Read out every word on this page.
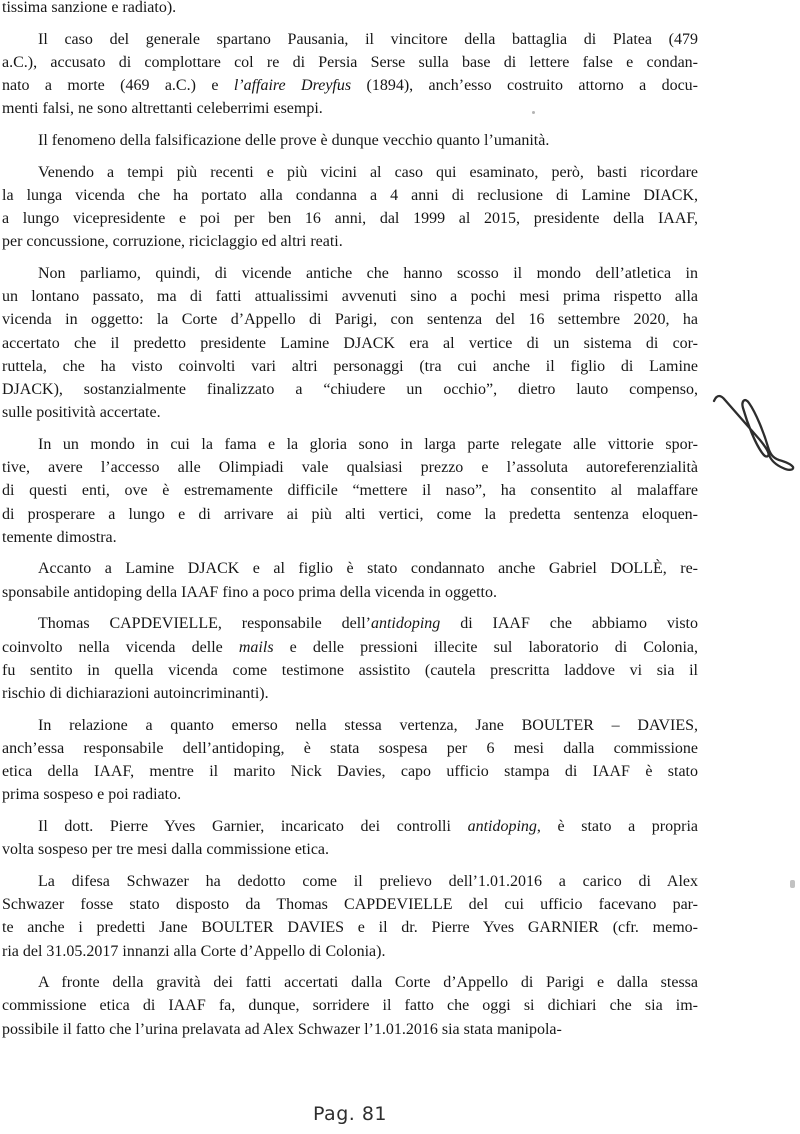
tissima sanzione e radiato).
Il caso del generale spartano Pausania, il vincitore della battaglia di Platea (479
a.C.), accusato di complottare col re di Persia Serse sulla base di lettere false e condan-
nato a morte (469 a.C.) e l’affaire Dreyfus (1894), anch’esso costruito attorno a docu-
menti falsi, ne sono altrettanti celeberrimi esempi.
Il fenomeno della falsificazione delle prove è dunque vecchio quanto l’umanità.
Venendo a tempi più recenti e più vicini al caso qui esaminato, però, basti ricordare
la lunga vicenda che ha portato alla condanna a 4 anni di reclusione di Lamine DIACK,
a lungo vicepresidente e poi per ben 16 anni, dal 1999 al 2015, presidente della IAAF,
per concussione, corruzione, riciclaggio ed altri reati.
Non parliamo, quindi, di vicende antiche che hanno scosso il mondo dell’atletica in
un lontano passato, ma di fatti attualissimi avvenuti sino a pochi mesi prima rispetto alla
vicenda in oggetto: la Corte d’Appello di Parigi, con sentenza del 16 settembre 2020, ha
accertato che il predetto presidente Lamine DJACK era al vertice di un sistema di cor-
ruttela, che ha visto coinvolti vari altri personaggi (tra cui anche il figlio di Lamine
DJACK), sostanzialmente finalizzato a “chiudere un occhio”, dietro lauto compenso,
sulle positività accertate.
In un mondo in cui la fama e la gloria sono in larga parte relegate alle vittorie spor-
tive, avere l’accesso alle Olimpiadi vale qualsiasi prezzo e l’assoluta autoreferenzialità
di questi enti, ove è estremamente difficile “mettere il naso”, ha consentito al malaffare
di prosperare a lungo e di arrivare ai più alti vertici, come la predetta sentenza eloquen-
temente dimostra.
Accanto a Lamine DJACK e al figlio è stato condannato anche Gabriel DOLLÈ, re-
sponsabile antidoping della IAAF fino a poco prima della vicenda in oggetto.
Thomas CAPDEVIELLE, responsabile dell’antidoping di IAAF che abbiamo visto
coinvolto nella vicenda delle mails e delle pressioni illecite sul laboratorio di Colonia,
fu sentito in quella vicenda come testimone assistito (cautela prescritta laddove vi sia il
rischio di dichiarazioni autoincriminanti).
In relazione a quanto emerso nella stessa vertenza, Jane BOULTER – DAVIES,
anch’essa responsabile dell’antidoping, è stata sospesa per 6 mesi dalla commissione
etica della IAAF, mentre il marito Nick Davies, capo ufficio stampa di IAAF è stato
prima sospeso e poi radiato.
Il dott. Pierre Yves Garnier, incaricato dei controlli antidoping, è stato a propria
volta sospeso per tre mesi dalla commissione etica.
La difesa Schwazer ha dedotto come il prelievo dell’1.01.2016 a carico di Alex
Schwazer fosse stato disposto da Thomas CAPDEVIELLE del cui ufficio facevano par-
te anche i predetti Jane BOULTER DAVIES e il dr. Pierre Yves GARNIER (cfr. memo-
ria del 31.05.2017 innanzi alla Corte d’Appello di Colonia).
A fronte della gravità dei fatti accertati dalla Corte d’Appello di Parigi e dalla stessa
commissione etica di IAAF fa, dunque, sorridere il fatto che oggi si dichiari che sia im-
possibile il fatto che l’urina prelavata ad Alex Schwazer l’1.01.2016 sia stata manipola-
Pag. 81
